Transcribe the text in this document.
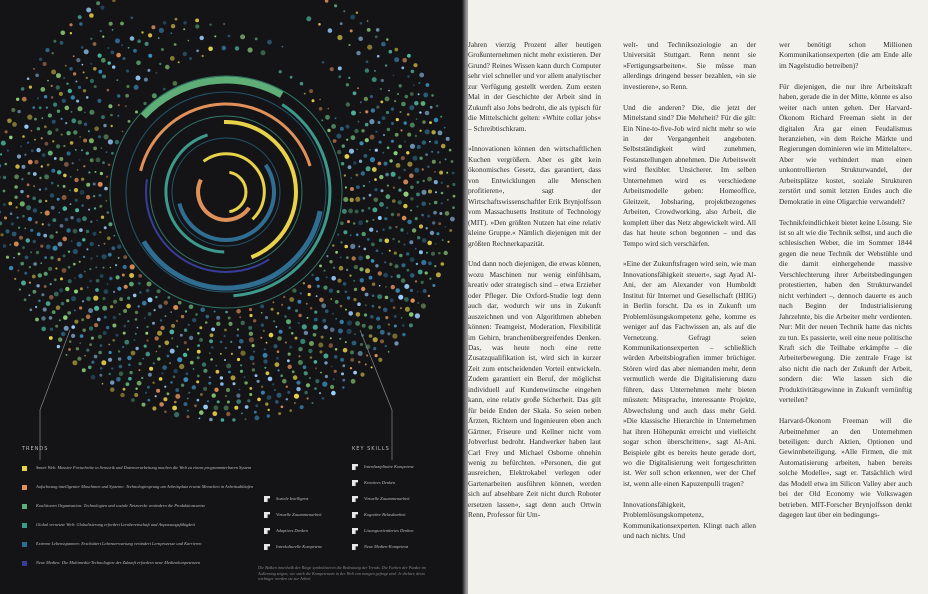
TRENDS
Smart Web: Massive Fortschritte in Sensorik und Datenverarbeitung machen die Welt zu einem programmierbaren System
Aufschwung intelligenter Maschinen und Systeme: Technologiesprung am Arbeitsplatz ersetzt Menschen in Arbeitsabläufen
Koalitionen Organisation: Technologien und soziale Netzwerke verändern die Produktionsweise
Global vernetzte Welt: Globalisierung erfordert Lernbereitschaft und Anpassungsfähigkeit
Extreme Lebensspannen: Erschüttert Lebenserwartung verändert Lernprozesse und Karrieren
Neue Medien: Die Multimedia-Technologien der Zukunft erfordern neue Medienkompetenzen
KEY SKILLS
Soziale Intelligenz
Virtuelle Zusammenarbeit
Adaptives Denken
Interkulturelle Kompetenz
Interdisziplinäre Kompetenz
Kreatives Denken
Virtuelle Zusammenarbeit
Kognitive Belastbarkeit
Lösungsorientiertes Denken
Neue Medien-Kompetenz
Die Balken innerhalb der Ringe symbolisieren die Bedeutung der Trends. Die Farben der Punkte im Außenring zeigen, wie stark die Kompetenzen in der Welt von morgen gefragt sind. Je dichter, desto wichtiger werden sie zur Arbeit

Jahren vierzig Prozent aller heutigen Großunternehmen nicht mehr existieren. Der Grund? Reines Wissen kann durch Computer sehr viel schneller und vor allem analytischer zur Verfügung gestellt werden. Zum ersten Mal in der Geschichte der Arbeit sind in Zukunft also Jobs bedroht, die als typisch für die Mittelschicht gelten: »White collar jobs« – Schreibtischkram.

»Innovationen können den wirtschaftlichen Kuchen vergrößern. Aber es gibt kein ökonomisches Gesetz, das garantiert, dass von Entwicklungen alle Menschen profitieren«, sagt der Wirtschaftswissenschaftler Erik Brynjolfsson vom Massachusetts Institute of Technology (MIT). »Den größten Nutzen hat eine relativ kleine Gruppe.« Nämlich diejenigen mit der größten Rechnerkapazität.

Und dann noch diejenigen, die etwas können, wozu Maschinen nur wenig einfühlsam, kreativ oder strategisch sind – etwa Erzieher oder Pfleger. Die Oxford-Studie legt denn auch dar, wodurch wir uns in Zukunft auszeichnen und von Algorithmen abheben können: Teamgeist, Moderation, Flexibilität im Gehirn, branchenübergreifendes Denken. Das, was heute noch eine rette Zusatzqualifikation ist, wird sich in kurzer Zeit zum entscheidenden Vorteil entwickeln. Zudem garantiert ein Beruf, der möglichst individuell auf Kundenwünsche eingehen kann, eine relativ große Sicherheit. Das gilt für beide Enden der Skala. So seien neben Ärzten, Richtern und Ingenieuren eben auch Gärtner, Friseure und Kellner nicht vom Jobverlust bedroht. Handwerker haben laut Carl Frey und Michael Osborne ohnehin wenig zu befürchten. »Personen, die gut ausreichen, Elektrokabel verlegen oder Gartenarbeiten ausführen können, werden sich auf absehbare Zeit nicht durch Roboter ersetzen lassen«, sagt denn auch Ortwin Renn, Professor für Um-

welt- und Techniksoziologie an der Universität Stuttgart. Renn nennt sie »Fertigungsarbeiten«. Sie müsse man allerdings dringend besser bezahlen, »in sie investieren«, so Renn.

Und die anderen? Die, die jetzt der Mittelstand sind? Die Mehrheit? Für die gilt: Ein Nine-to-five-Job wird nicht mehr so wie in der Vergangenheit angeboten. Selbstständigkeit wird zunehmen, Festanstellungen abnehmen. Die Arbeitswelt wird flexibler. Unsicherer. Im selben Unternehmen wird es verschiedene Arbeitsmodelle geben: Homeoffice, Gleitzeit, Jobsharing, projektbezogenes Arbeiten, Crowdworking, also Arbeit, die komplett über das Netz abgewickelt wird. All das hat heute schon begonnen – und das Tempo wird sich verschärfen.

»Eine der Zukunftsfragen wird sein, wie man Innovationsfähigkeit steuert«, sagt Ayad Al-Ani, der am Alexander von Humboldt Institut für Internet und Gesellschaft (HIIG) in Berlin forscht. Da es in Zukunft um Problemlösungskompetenz gehe, komme es weniger auf das Fachwissen an, als auf die Vernetzung. Gefragt seien Kommunikationsexperten – schließlich würden Arbeitsbiografien immer brüchiger. Stören wird das aber niemanden mehr, denn vermutlich werde die Digitalisierung dazu führen, dass Unternehmen mehr bieten müssten: Mitsprache, interessante Projekte, Abwechslung und auch dass mehr Geld. »Die klassische Hierarchie in Unternehmen hat ihren Höhepunkt erreicht und vielleicht sogar schon überschritten«, sagt Al-Ani. Beispiele gibt es bereits heute gerade dort, wo die Digitalisierung weit fortgeschritten ist. Wer soll schon erkennen, wer der Chef ist, wenn alle einen Kapuzenpulli tragen?

Innovationsfähigkeit, Problemlösungskompetenz, Kommunikationsexperten. Klingt nach allen und nach nichts. Und

wer benötigt schon Millionen Kommunikationsexperten (die am Ende alle im Nagelstudio betreiben)?

Für diejenigen, die nur ihre Arbeitskraft haben, gerade die in der Mitte, könnte es also weiter nach unten gehen. Der Harvard-Ökonom Richard Freeman sieht in der digitalen Ära gar einen Feudalismus heranziehen, »in dem Reiche Märkte und Regierungen dominieren wie im Mittelalter«. Aber wie verhindert man einen unkontrollierten Strukturwandel, der Arbeitsplätze kostet, soziale Strukturen zerstört und somit letzten Endes auch die Demokratie in eine Oligarchie verwandelt?

Technikfeindlichkeit bietet keine Lösung. Sie ist so alt wie die Technik selbst, und auch die schlesischen Weber, die im Sommer 1844 gegen die neue Technik der Webstühle und die damit einhergehende massive Verschlechterung ihrer Arbeitsbedingungen protestierten, haben den Strukturwandel nicht verhindert –, dennoch dauerte es auch nach Beginn der Industrialisierung Jahrzehnte, bis die Arbeiter mehr verdienten. Nur: Mit der neuen Technik hatte das nichts zu tun. Es passierte, weil eine neue politische Kraft sich die Teilhabe erkämpfte – die Arbeiterbewegung. Die zentrale Frage ist also nicht die nach der Zukunft der Arbeit, sondern die: Wie lassen sich die Produktivitätsgewinne in Zukunft vernünftig verteilen?

Harvard-Ökonom Freeman will die Arbeitnehmer an den Unternehmen beteiligen: durch Aktien, Optionen und Gewinnbeteiligung. »Alle Firmen, die mit Automatisierung arbeiten, haben bereits solche Modelle«, sagt er. Tatsächlich wird das Modell etwa im Silicon Valley aber auch bei der Old Economy wie Volkswagen betrieben. MIT-Forscher Brynjolfsson denkt dagegen laut über ein bedingungs-
